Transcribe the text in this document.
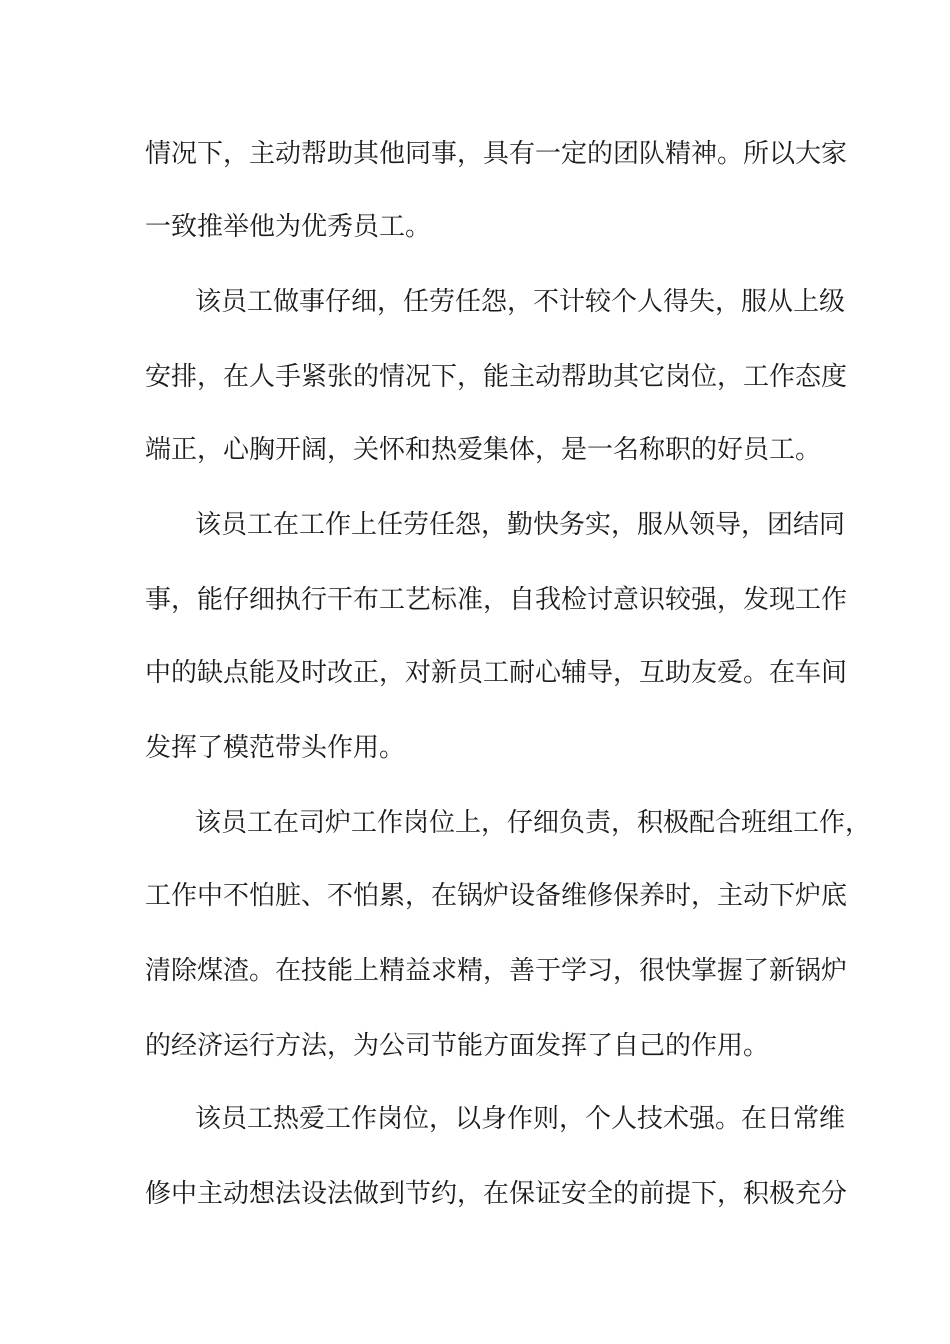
情况下，主动帮助其他同事，具有一定的团队精神。所以大家
一致推举他为优秀员工。
该员工做事仔细，任劳任怨，不计较个人得失，服从上级
安排，在人手紧张的情况下，能主动帮助其它岗位，工作态度
端正，心胸开阔，关怀和热爱集体，是一名称职的好员工。
该员工在工作上任劳任怨，勤快务实，服从领导，团结同
事，能仔细执行干布工艺标准，自我检讨意识较强，发现工作
中的缺点能及时改正，对新员工耐心辅导，互助友爱。在车间
发挥了模范带头作用。
该员工在司炉工作岗位上，仔细负责，积极配合班组工作，
工作中不怕脏、不怕累，在锅炉设备维修保养时，主动下炉底
清除煤渣。在技能上精益求精，善于学习，很快掌握了新锅炉
的经济运行方法，为公司节能方面发挥了自己的作用。
该员工热爱工作岗位，以身作则，个人技术强。在日常维
修中主动想法设法做到节约，在保证安全的前提下，积极充分
